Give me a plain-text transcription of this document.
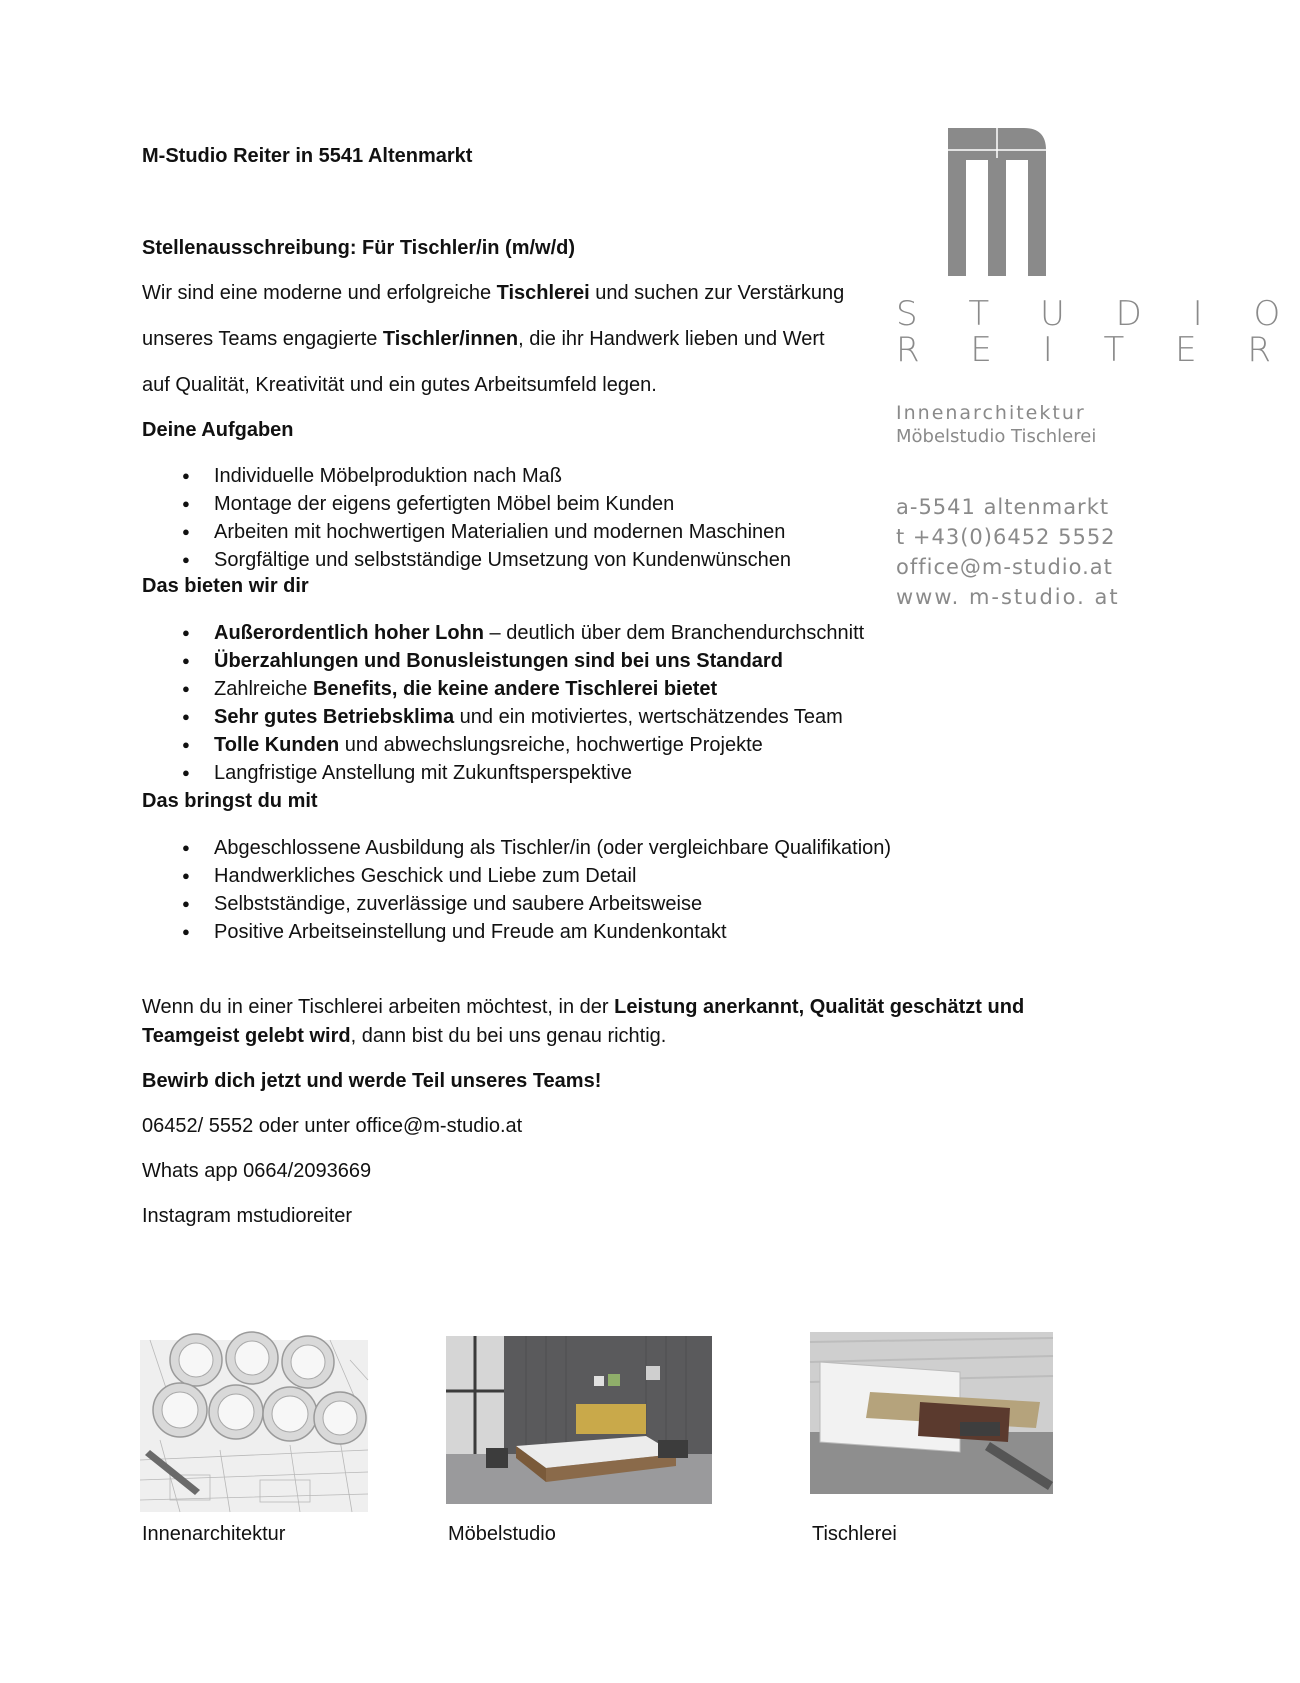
M-Studio Reiter in 5541 Altenmarkt
S T U D I O
R E I T E R
Innenarchitektur
Möbelstudio Tischlerei
a-5541 altenmarkt
t +43(0)6452 5552
office@m-studio.at
www. m-studio. at
Stellenausschreibung: Für Tischler/in (m/w/d)
Wir sind eine moderne und erfolgreiche Tischlerei und suchen zur Verstärkung
unseres Teams engagierte Tischler/innen, die ihr Handwerk lieben und Wert
auf Qualität, Kreativität und ein gutes Arbeitsumfeld legen.
Deine Aufgaben
● Individuelle Möbelproduktion nach Maß
● Montage der eigens gefertigten Möbel beim Kunden
● Arbeiten mit hochwertigen Materialien und modernen Maschinen
● Sorgfältige und selbstständige Umsetzung von Kundenwünschen
Das bieten wir dir
● Außerordentlich hoher Lohn – deutlich über dem Branchendurchschnitt
● Überzahlungen und Bonusleistungen sind bei uns Standard
● Zahlreiche Benefits, die keine andere Tischlerei bietet
● Sehr gutes Betriebsklima und ein motiviertes, wertschätzendes Team
● Tolle Kunden und abwechslungsreiche, hochwertige Projekte
● Langfristige Anstellung mit Zukunftsperspektive
Das bringst du mit
● Abgeschlossene Ausbildung als Tischler/in (oder vergleichbare Qualifikation)
● Handwerkliches Geschick und Liebe zum Detail
● Selbstständige, zuverlässige und saubere Arbeitsweise
● Positive Arbeitseinstellung und Freude am Kundenkontakt
Wenn du in einer Tischlerei arbeiten möchtest, in der Leistung anerkannt, Qualität geschätzt und
Teamgeist gelebt wird, dann bist du bei uns genau richtig.
Bewirb dich jetzt und werde Teil unseres Teams!
06452/ 5552 oder unter office@m-studio.at
Whats app 0664/2093669
Instagram mstudioreiter
Innenarchitektur	Möbelstudio	Tischlerei
